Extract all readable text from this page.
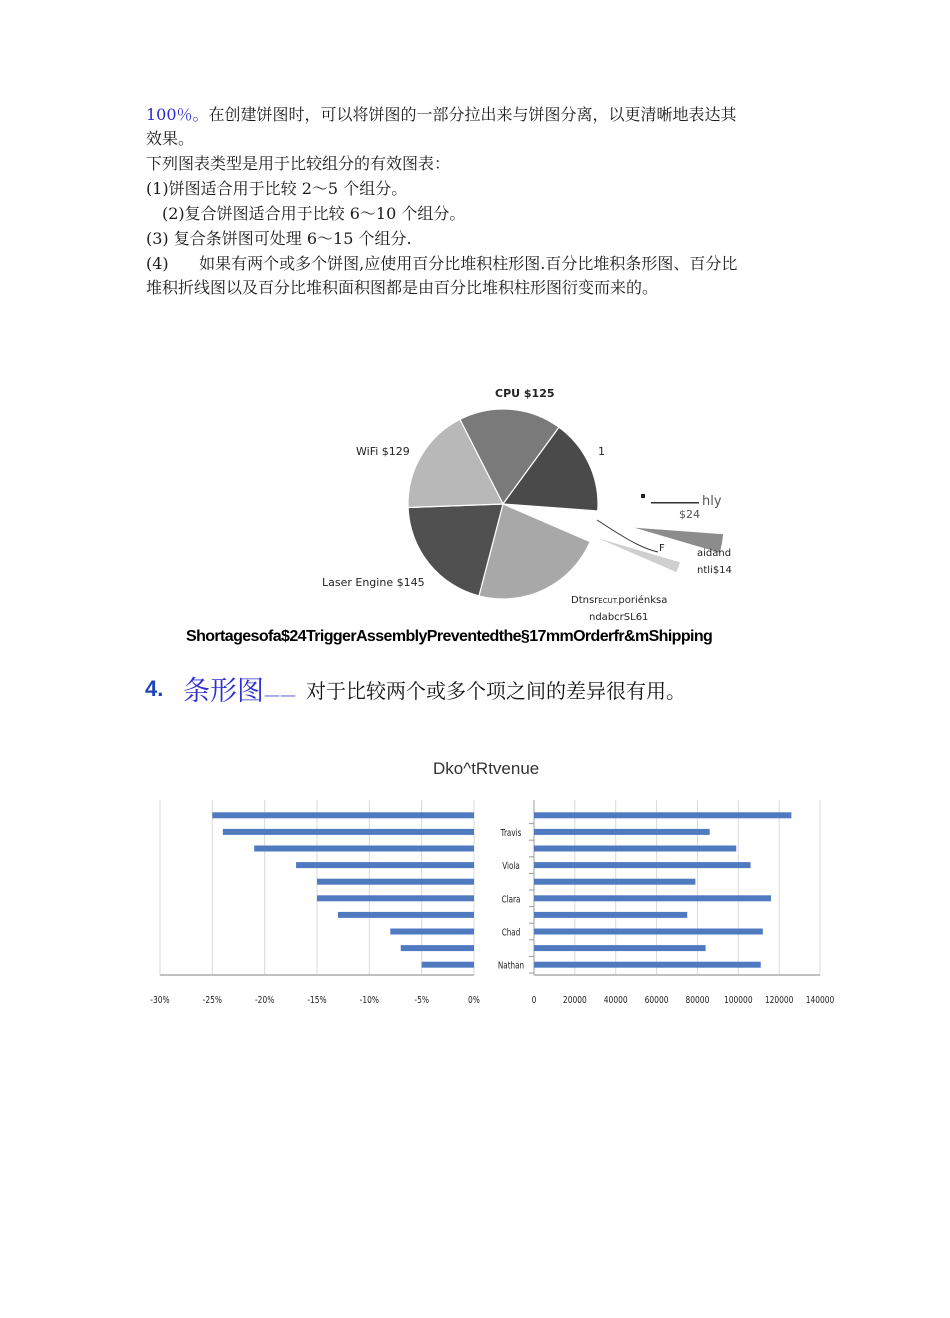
100％。在创建饼图时，可以将饼图的一部分拉出来与饼图分离，以更清晰地表达其
效果。
下列图表类型是用于比较组分的有效图表：
(1)饼图适合用于比较 2～5 个组分。
(2)复合饼图适合用于比较 6～10 个组分。
(3) 复合条饼图可处理 6～15 个组分.
(4)      如果有两个或多个饼图,应使用百分比堆积柱形图.百分比堆积条形图、百分比
堆积折线图以及百分比堆积面积图都是由百分比堆积柱形图衍变而来的。
CPU $125
WiFi $129
Laser Engine $145
1
hly
$24
aidand
ntli$14
F
DtnsrECUT.poriénksa
ndabcrSL61
Shortagesofa$24TriggerAssemblyPreventedthe§17mmOrderfr&mShipping
4. 条形图—— 对于比较两个或多个项之间的差异很有用。
Dko^tRtvenue
-30%	-25%	-20%	-15%	-10%	-5%	0%	0	20000 40000 60000 80000 100000 120000 140000
Travis
Viola
Clara
Chad
Nathan
